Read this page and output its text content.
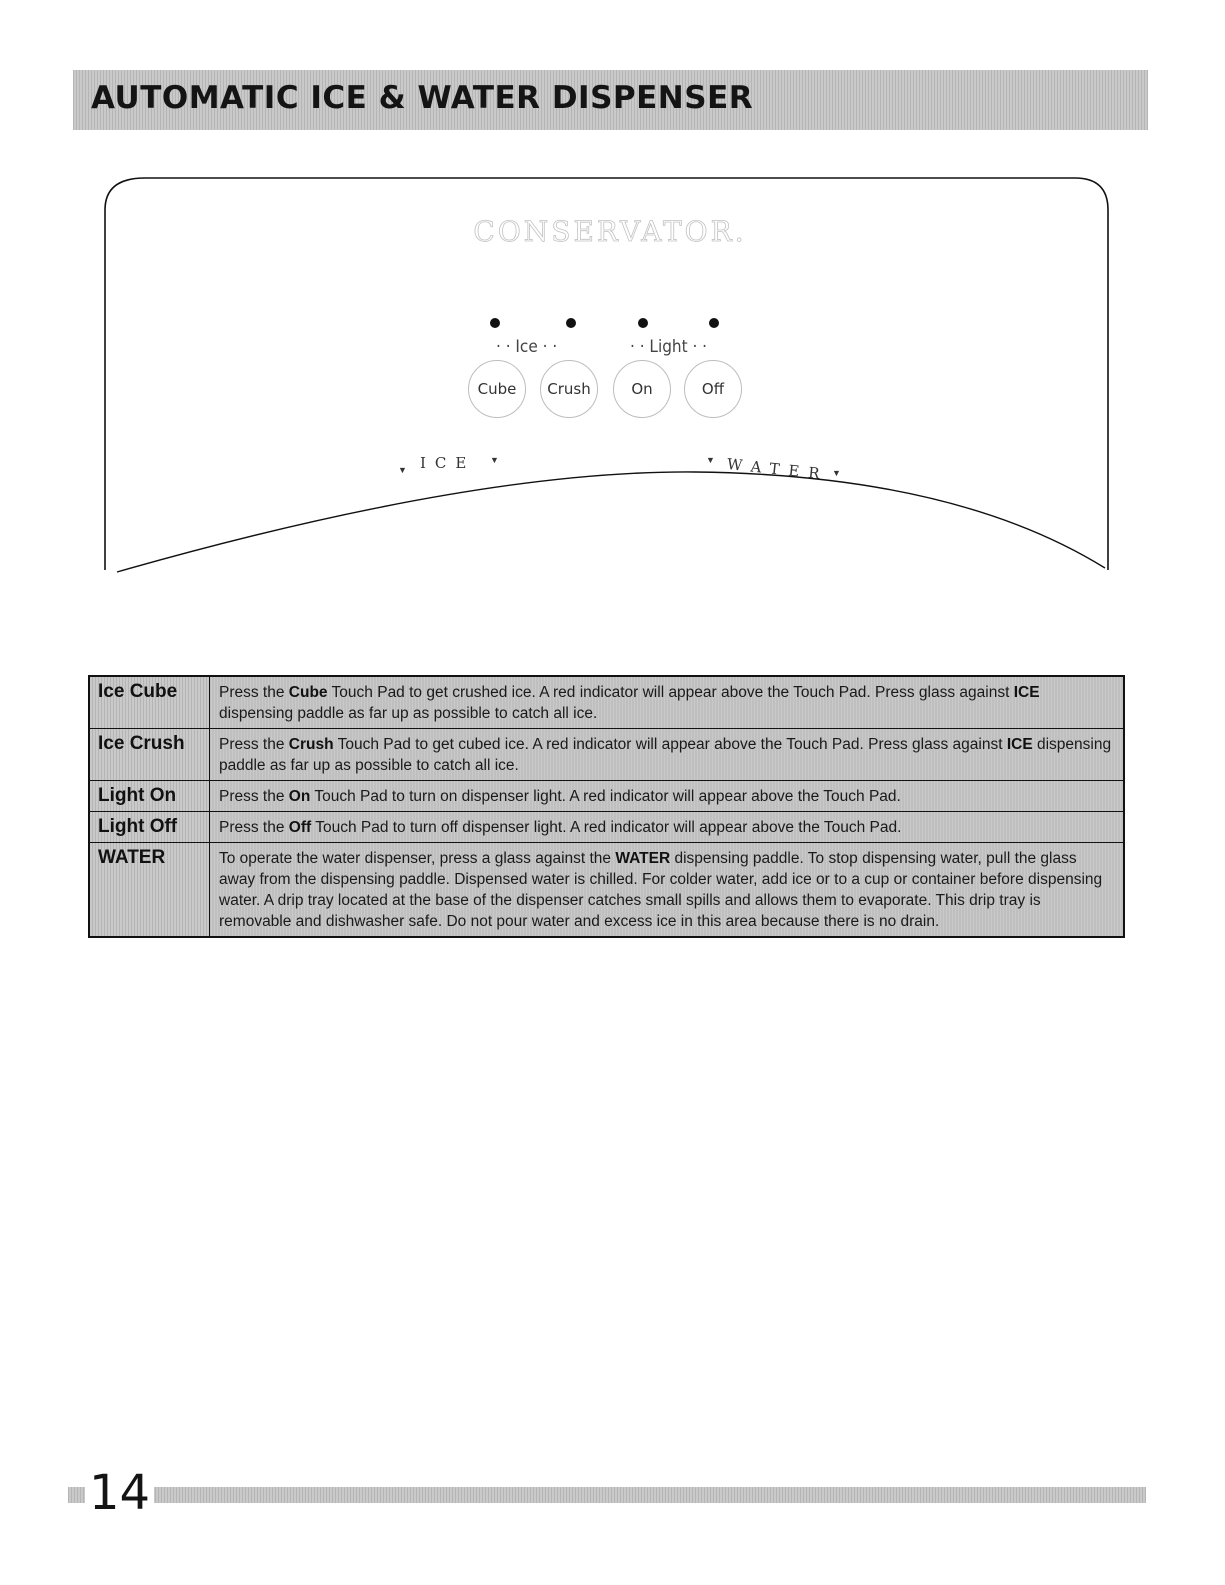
AUTOMATIC ICE & WATER DISPENSER
CONSERVATOR.
· · Ice · ·	· · Light · ·
Cube	Crush	On	Off
▼ ICE ▼	▼ WATER ▼
Ice Cube	Press the Cube Touch Pad to get crushed ice. A red indicator will appear above the Touch Pad. Press glass against ICE dispensing paddle as far up as possible to catch all ice.
Ice Crush	Press the Crush Touch Pad to get cubed ice. A red indicator will appear above the Touch Pad. Press glass against ICE dispensing paddle as far up as possible to catch all ice.
Light On	Press the On Touch Pad to turn on dispenser light. A red indicator will appear above the Touch Pad.
Light Off	Press the Off Touch Pad to turn off dispenser light. A red indicator will appear above the Touch Pad.
WATER	To operate the water dispenser, press a glass against the WATER dispensing paddle. To stop dispensing water, pull the glass away from the dispensing paddle. Dispensed water is chilled. For colder water, add ice or to a cup or container before dispensing water. A drip tray located at the base of the dispenser catches small spills and allows them to evaporate. This drip tray is removable and dishwasher safe. Do not pour water and excess ice in this area because there is no drain.

14
